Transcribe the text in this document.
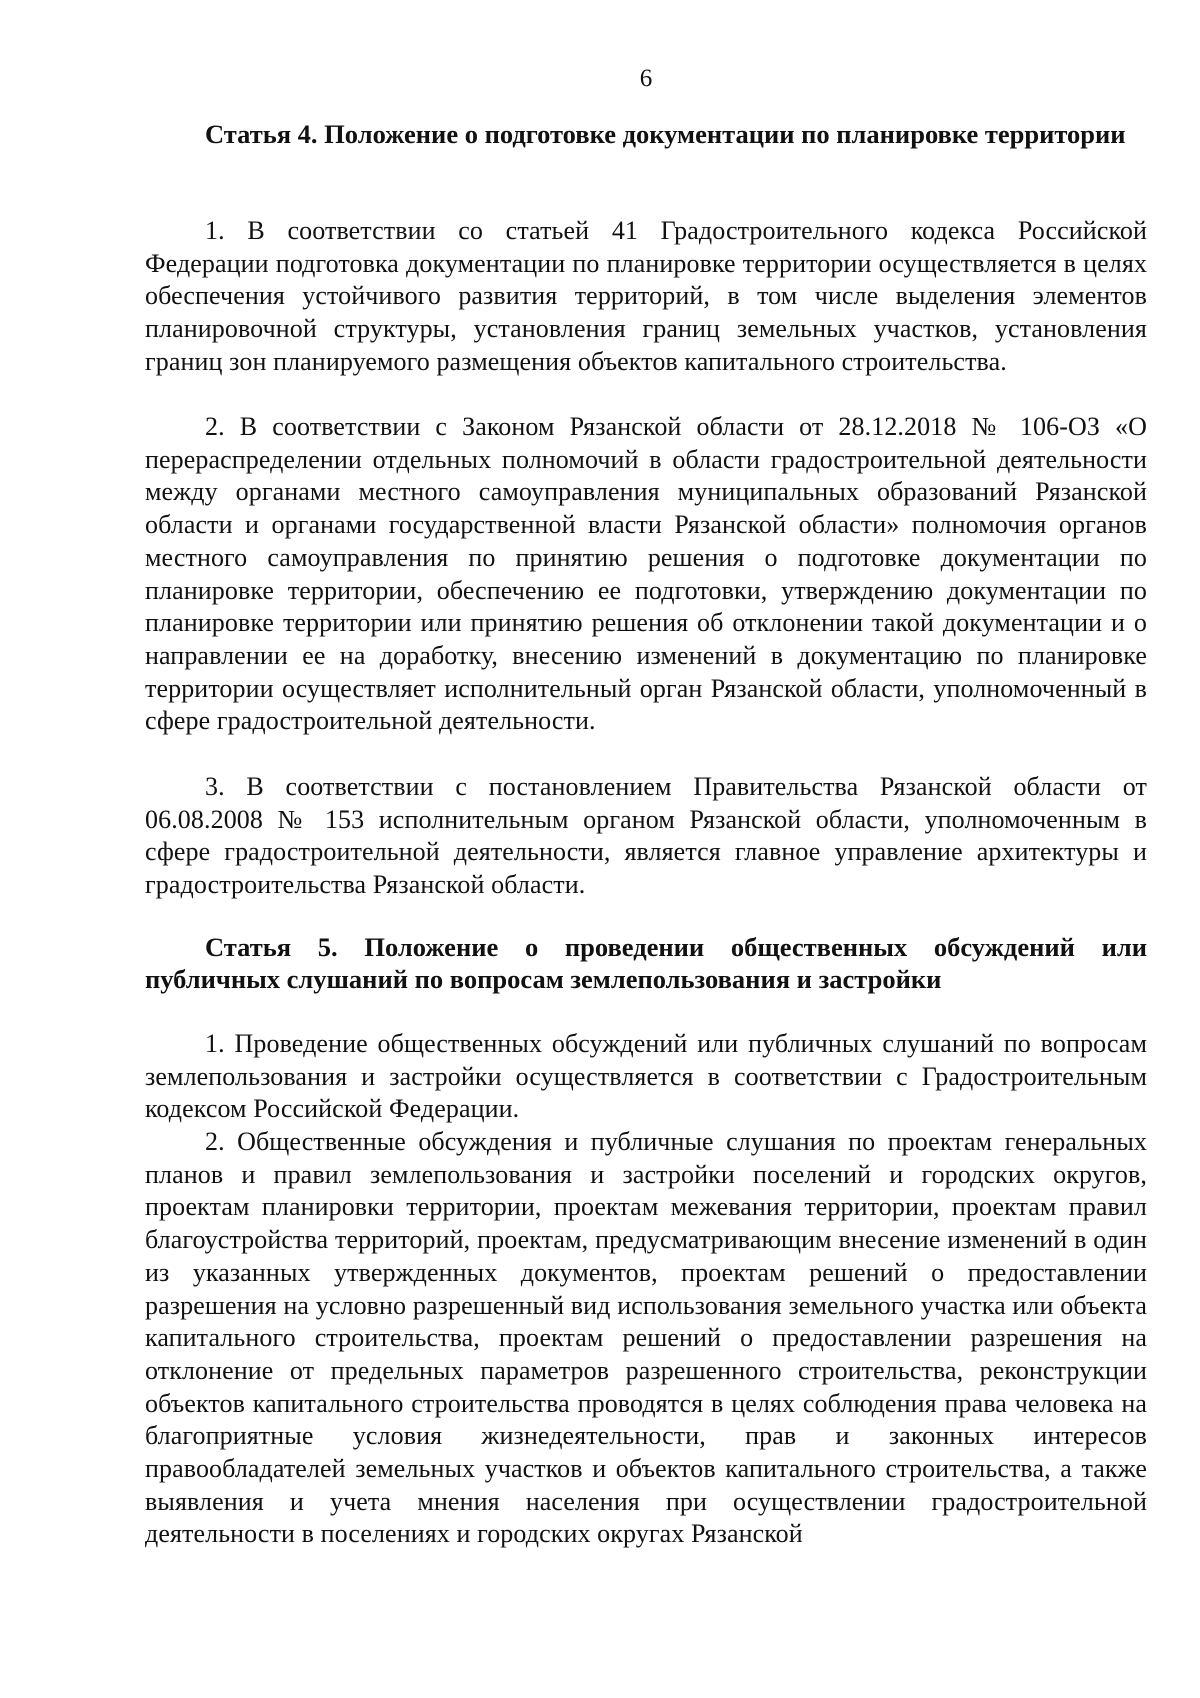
6
Статья 4. Положение о подготовке документации по планировке территории

1. В соответствии со статьей 41 Градостроительного кодекса Российской Федерации подготовка документации по планировке территории осуществляется в целях обеспечения устойчивого развития территорий, в том числе выделения элементов планировочной структуры, установления границ земельных участков, установления границ зон планируемого размещения объектов капитального строительства.

2. В соответствии с Законом Рязанской области от 28.12.2018 № 106-ОЗ «О перераспределении отдельных полномочий в области градостроительной деятельности между органами местного самоуправления муниципальных образований Рязанской области и органами государственной власти Рязанской области» полномочия органов местного самоуправления по принятию решения о подготовке документации по планировке территории, обеспечению ее подготовки, утверждению документации по планировке территории или принятию решения об отклонении такой документации и о направлении ее на доработку, внесению изменений в документацию по планировке территории осуществляет исполнительный орган Рязанской области, уполномоченный в сфере градостроительной деятельности.

3. В соответствии с постановлением Правительства Рязанской области от 06.08.2008 № 153 исполнительным органом Рязанской области, уполномоченным в сфере градостроительной деятельности, является главное управление архитектуры и градостроительства Рязанской области.

Статья 5. Положение о проведении общественных обсуждений или публичных слушаний по вопросам землепользования и застройки

1. Проведение общественных обсуждений или публичных слушаний по вопросам землепользования и застройки осуществляется в соответствии с Градостроительным кодексом Российской Федерации.

2. Общественные обсуждения и публичные слушания по проектам генеральных планов и правил землепользования и застройки поселений и городских округов, проектам планировки территории, проектам межевания территории, проектам правил благоустройства территорий, проектам, предусматривающим внесение изменений в один из указанных утвержденных документов, проектам решений о предоставлении разрешения на условно разрешенный вид использования земельного участка или объекта капитального строительства, проектам решений о предоставлении разрешения на отклонение от предельных параметров разрешенного строительства, реконструкции объектов капитального строительства проводятся в целях соблюдения права человека на благоприятные условия жизнедеятельности, прав и законных интересов правообладателей земельных участков и объектов капитального строительства, а также выявления и учета мнения населения при осуществлении градостроительной деятельности в поселениях и городских округах Рязанской
